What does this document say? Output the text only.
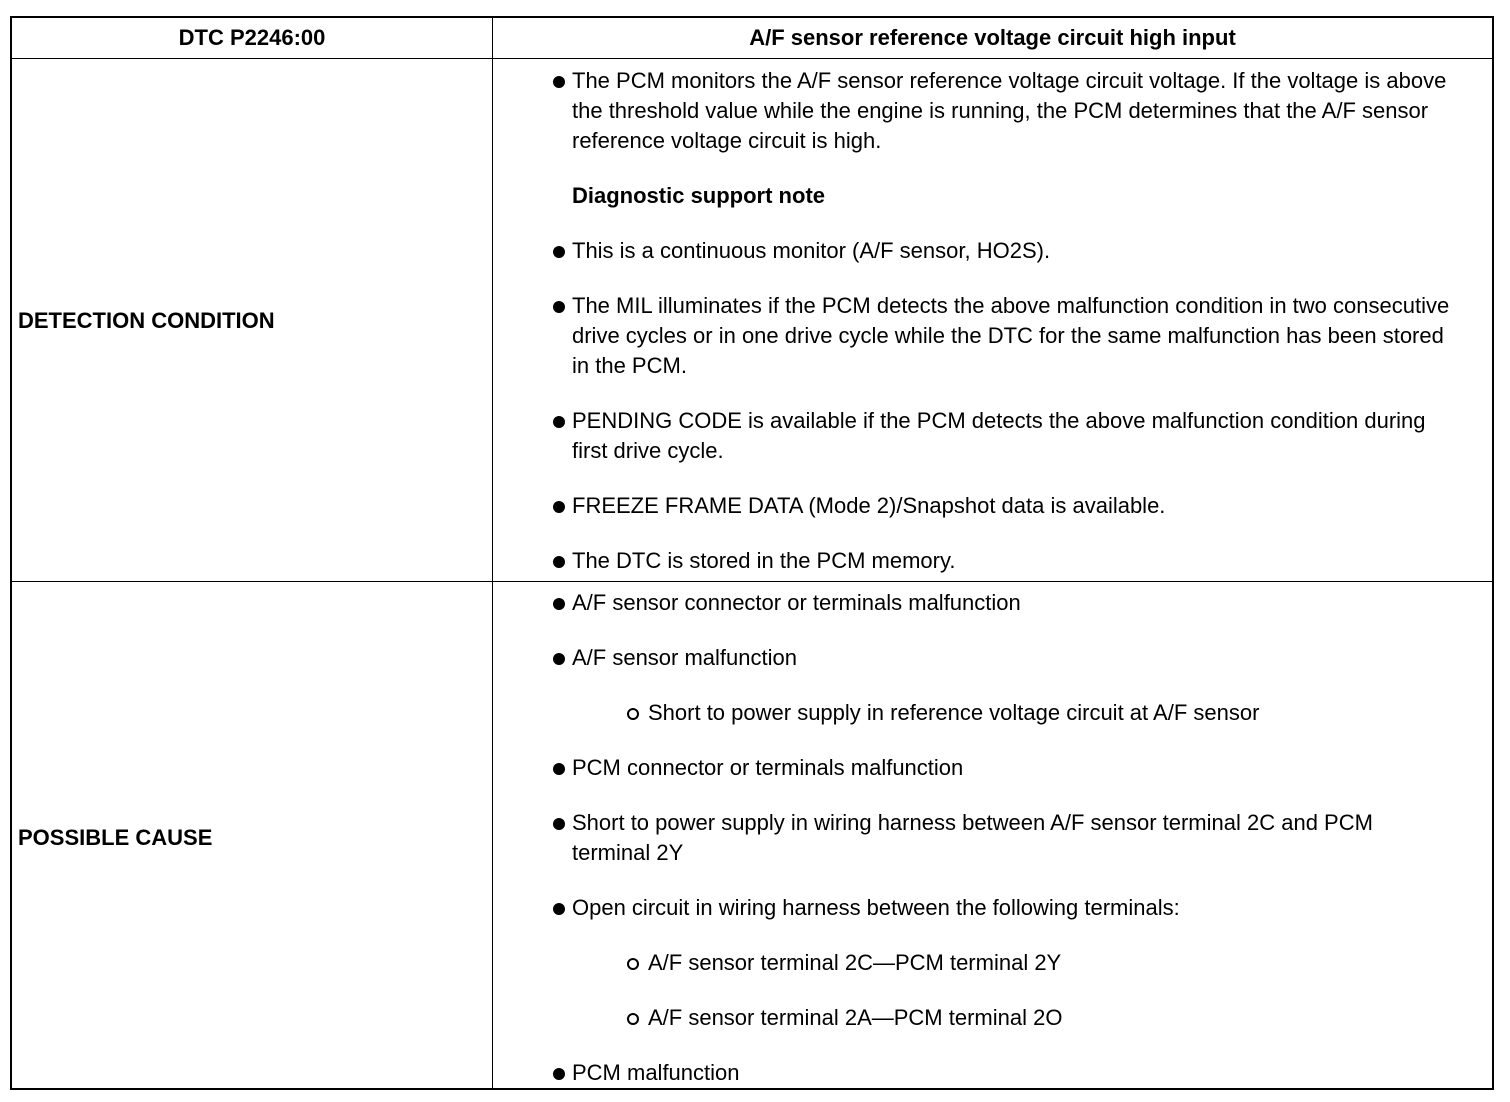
DTC P2246:00	A/F sensor reference voltage circuit high input
DETECTION CONDITION
POSSIBLE CAUSE
The PCM monitors the A/F sensor reference voltage circuit voltage. If the voltage is above the threshold value while the engine is running, the PCM determines that the A/F sensor reference voltage circuit is high.
Diagnostic support note
This is a continuous monitor (A/F sensor, HO2S).
The MIL illuminates if the PCM detects the above malfunction condition in two consecutive drive cycles or in one drive cycle while the DTC for the same malfunction has been stored in the PCM.
PENDING CODE is available if the PCM detects the above malfunction condition during first drive cycle.
FREEZE FRAME DATA (Mode 2)/Snapshot data is available.
The DTC is stored in the PCM memory.
A/F sensor connector or terminals malfunction
A/F sensor malfunction
Short to power supply in reference voltage circuit at A/F sensor
PCM connector or terminals malfunction
Short to power supply in wiring harness between A/F sensor terminal 2C and PCM terminal 2Y
Open circuit in wiring harness between the following terminals:
A/F sensor terminal 2C—PCM terminal 2Y
A/F sensor terminal 2A—PCM terminal 2O
PCM malfunction
